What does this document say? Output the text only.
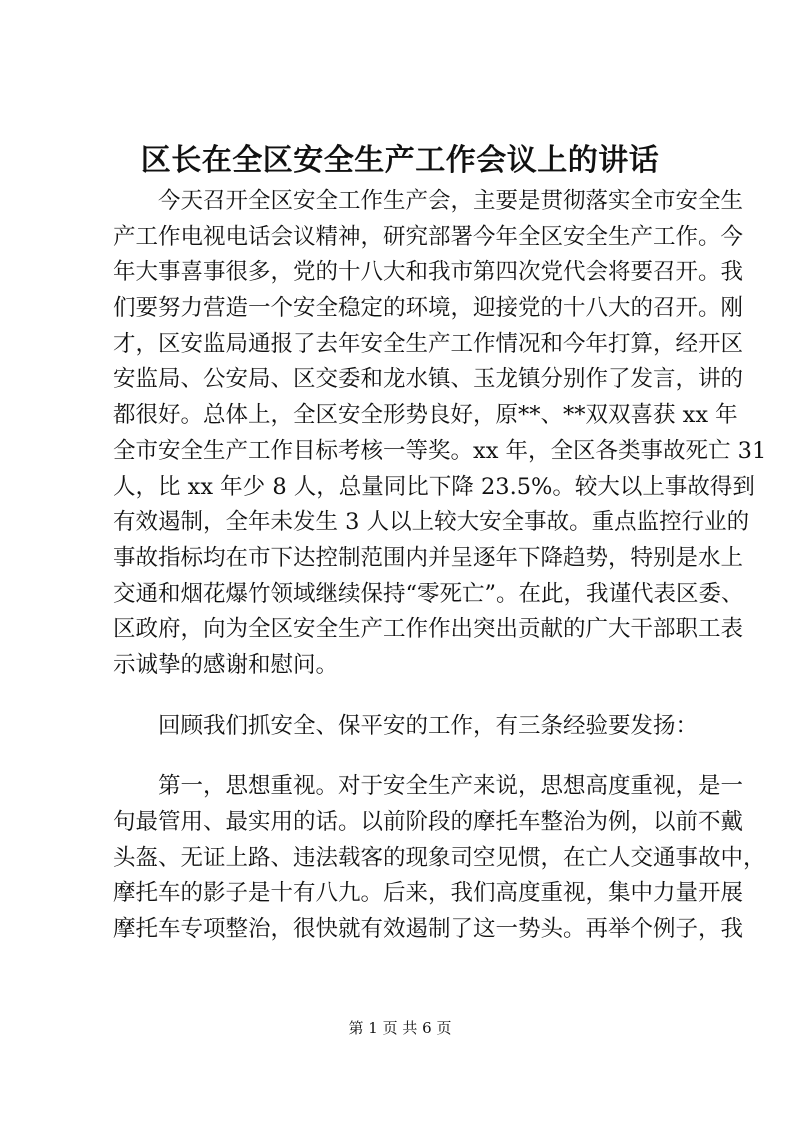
区长在全区安全生产工作会议上的讲话
　　今天召开全区安全工作生产会，主要是贯彻落实全市安全生
产工作电视电话会议精神，研究部署今年全区安全生产工作。今
年大事喜事很多，党的十八大和我市第四次党代会将要召开。我
们要努力营造一个安全稳定的环境，迎接党的十八大的召开。刚
才，区安监局通报了去年安全生产工作情况和今年打算，经开区
安监局、公安局、区交委和龙水镇、玉龙镇分别作了发言，讲的
都很好。总体上，全区安全形势良好，原**、**双双喜获 xx 年
全市安全生产工作目标考核一等奖。xx 年，全区各类事故死亡 31
人，比 xx 年少 8 人，总量同比下降 23.5%。较大以上事故得到
有效遏制，全年未发生 3 人以上较大安全事故。重点监控行业的
事故指标均在市下达控制范围内并呈逐年下降趋势，特别是水上
交通和烟花爆竹领域继续保持“零死亡”。在此，我谨代表区委、
区政府，向为全区安全生产工作作出突出贡献的广大干部职工表
示诚挚的感谢和慰问。
　　回顾我们抓安全、保平安的工作，有三条经验要发扬：
　　第一，思想重视。对于安全生产来说，思想高度重视，是一
句最管用、最实用的话。以前阶段的摩托车整治为例，以前不戴
头盔、无证上路、违法载客的现象司空见惯，在亡人交通事故中，
摩托车的影子是十有八九。后来，我们高度重视，集中力量开展
摩托车专项整治，很快就有效遏制了这一势头。再举个例子，我
第 1 页 共 6 页
